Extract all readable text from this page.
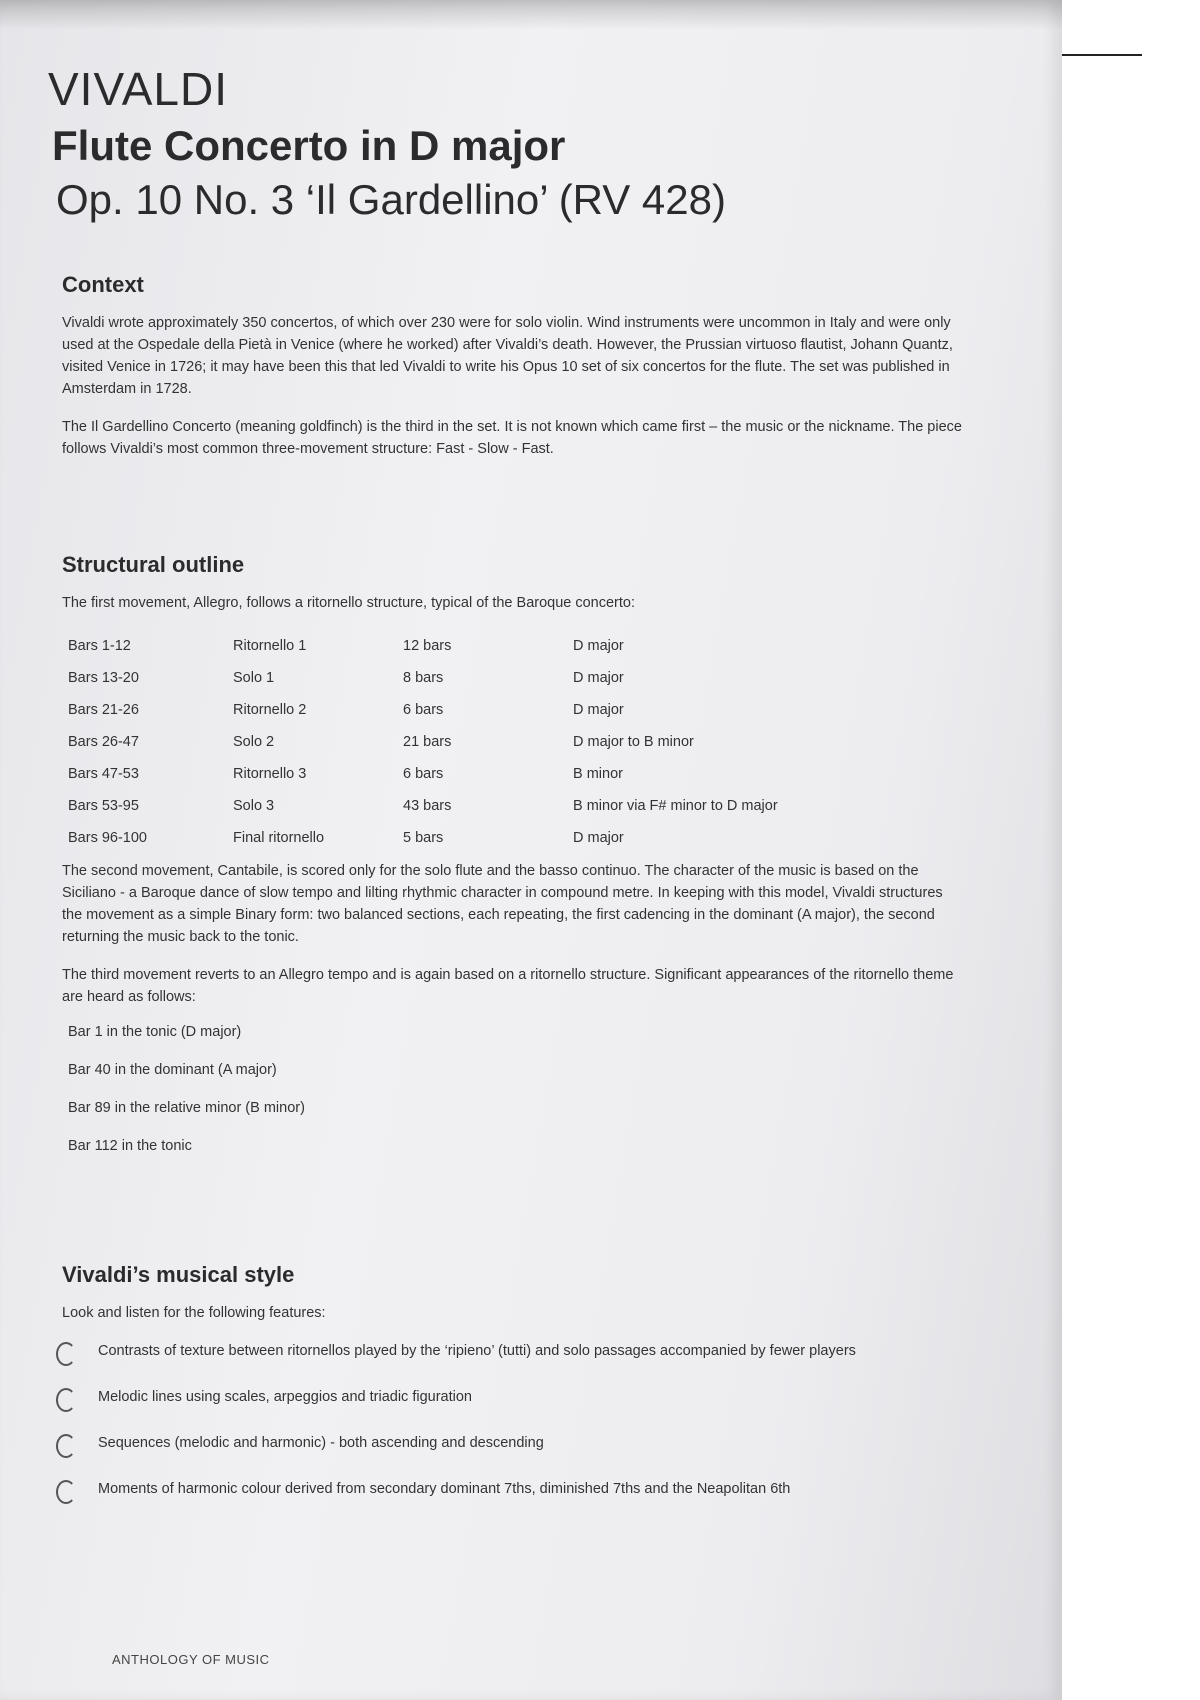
VIVALDI
Flute Concerto in D major
Op. 10 No. 3 ‘Il Gardellino’ (RV 428)
Context

Vivaldi wrote approximately 350 concertos, of which over 230 were for solo violin. Wind instruments were uncommon in Italy and were only used at the Ospedale della Pietà in Venice (where he worked) after Vivaldi’s death. However, the Prussian virtuoso flautist, Johann Quantz, visited Venice in 1726; it may have been this that led Vivaldi to write his Opus 10 set of six concertos for the flute. The set was published in Amsterdam in 1728.

The Il Gardellino Concerto (meaning goldfinch) is the third in the set. It is not known which came first – the music or the nickname. The piece follows Vivaldi’s most common three-movement structure: Fast - Slow - Fast.

Structural outline

The first movement, Allegro, follows a ritornello structure, typical of the Baroque concerto:

Bars 1-12	Ritornello 1	12 bars	D major
Bars 13-20	Solo 1	8 bars	D major
Bars 21-26	Ritornello 2	6 bars	D major
Bars 26-47	Solo 2	21 bars	D major to B minor
Bars 47-53	Ritornello 3	6 bars	B minor
Bars 53-95	Solo 3	43 bars	B minor via F# minor to D major
Bars 96-100	Final ritornello	5 bars	D major

The second movement, Cantabile, is scored only for the solo flute and the basso continuo. The character of the music is based on the Siciliano - a Baroque dance of slow tempo and lilting rhythmic character in compound metre. In keeping with this model, Vivaldi structures the movement as a simple Binary form: two balanced sections, each repeating, the first cadencing in the dominant (A major), the second returning the music back to the tonic.

The third movement reverts to an Allegro tempo and is again based on a ritornello structure. Significant appearances of the ritornello theme are heard as follows:

Bar 1 in the tonic (D major)
Bar 40 in the dominant (A major)
Bar 89 in the relative minor (B minor)
Bar 112 in the tonic
Vivaldi’s musical style

Look and listen for the following features:

Contrasts of texture between ritornellos played by the ‘ripieno’ (tutti) and solo passages accompanied by fewer players
Melodic lines using scales, arpeggios and triadic figuration
Sequences (melodic and harmonic) - both ascending and descending
Moments of harmonic colour derived from secondary dominant 7ths, diminished 7ths and the Neapolitan 6th
ANTHOLOGY OF MUSIC
